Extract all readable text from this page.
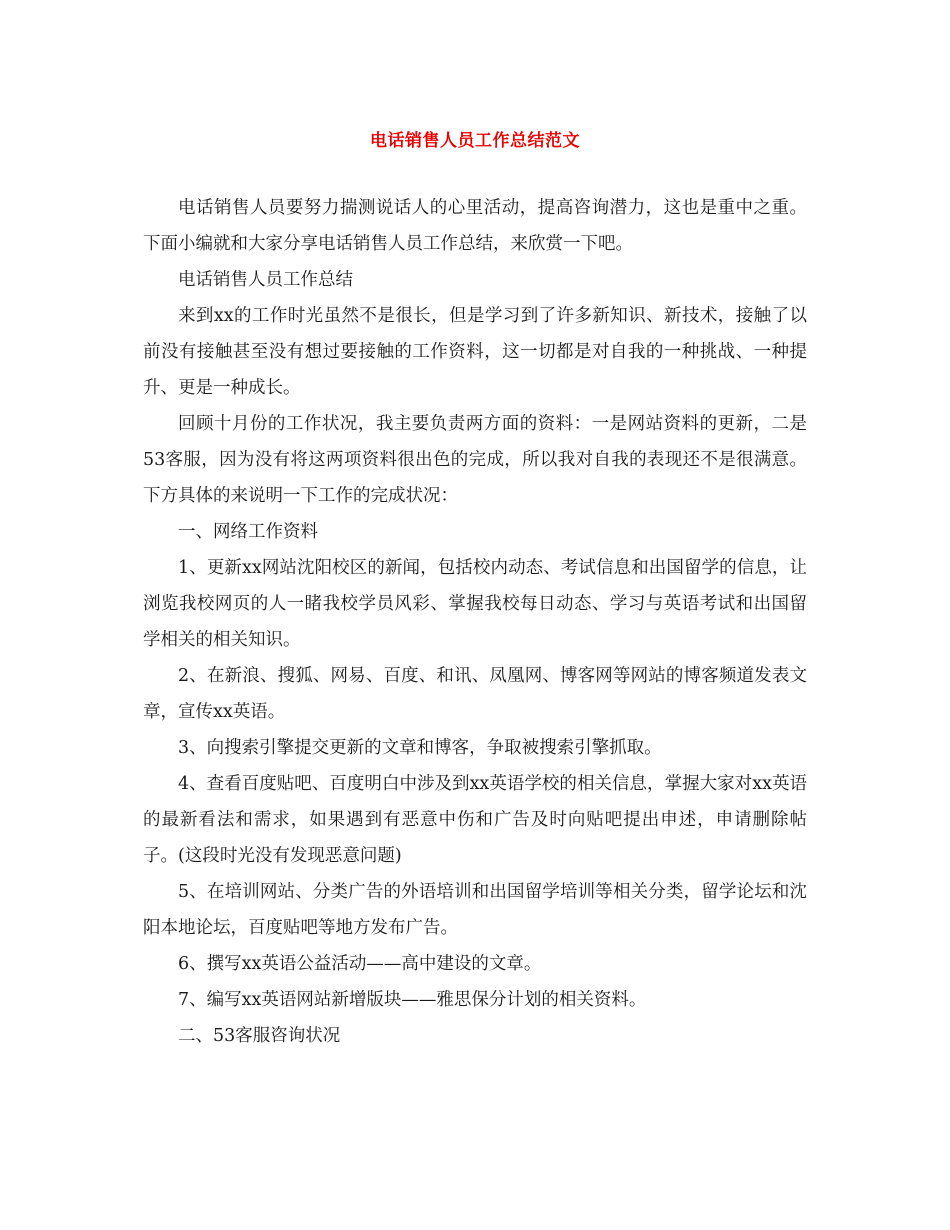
电话销售人员工作总结范文

电话销售人员要努力揣测说话人的心里活动，提高咨询潜力，这也是重中之重。下面小编就和大家分享电话销售人员工作总结，来欣赏一下吧。

电话销售人员工作总结

来到xx的工作时光虽然不是很长，但是学习到了许多新知识、新技术，接触了以前没有接触甚至没有想过要接触的工作资料，这一切都是对自我的一种挑战、一种提升、更是一种成长。

回顾十月份的工作状况，我主要负责两方面的资料：一是网站资料的更新，二是53客服，因为没有将这两项资料很出色的完成，所以我对自我的表现还不是很满意。下方具体的来说明一下工作的完成状况：

一、网络工作资料

1、更新xx网站沈阳校区的新闻，包括校内动态、考试信息和出国留学的信息，让浏览我校网页的人一睹我校学员风彩、掌握我校每日动态、学习与英语考试和出国留学相关的相关知识。

2、在新浪、搜狐、网易、百度、和讯、凤凰网、博客网等网站的博客频道发表文章，宣传xx英语。

3、向搜索引擎提交更新的文章和博客，争取被搜索引擎抓取。

4、查看百度贴吧、百度明白中涉及到xx英语学校的相关信息，掌握大家对xx英语的最新看法和需求，如果遇到有恶意中伤和广告及时向贴吧提出申述，申请删除帖子。(这段时光没有发现恶意问题)

5、在培训网站、分类广告的外语培训和出国留学培训等相关分类，留学论坛和沈阳本地论坛，百度贴吧等地方发布广告。

6、撰写xx英语公益活动——高中建设的文章。

7、编写xx英语网站新增版块——雅思保分计划的相关资料。

二、53客服咨询状况
